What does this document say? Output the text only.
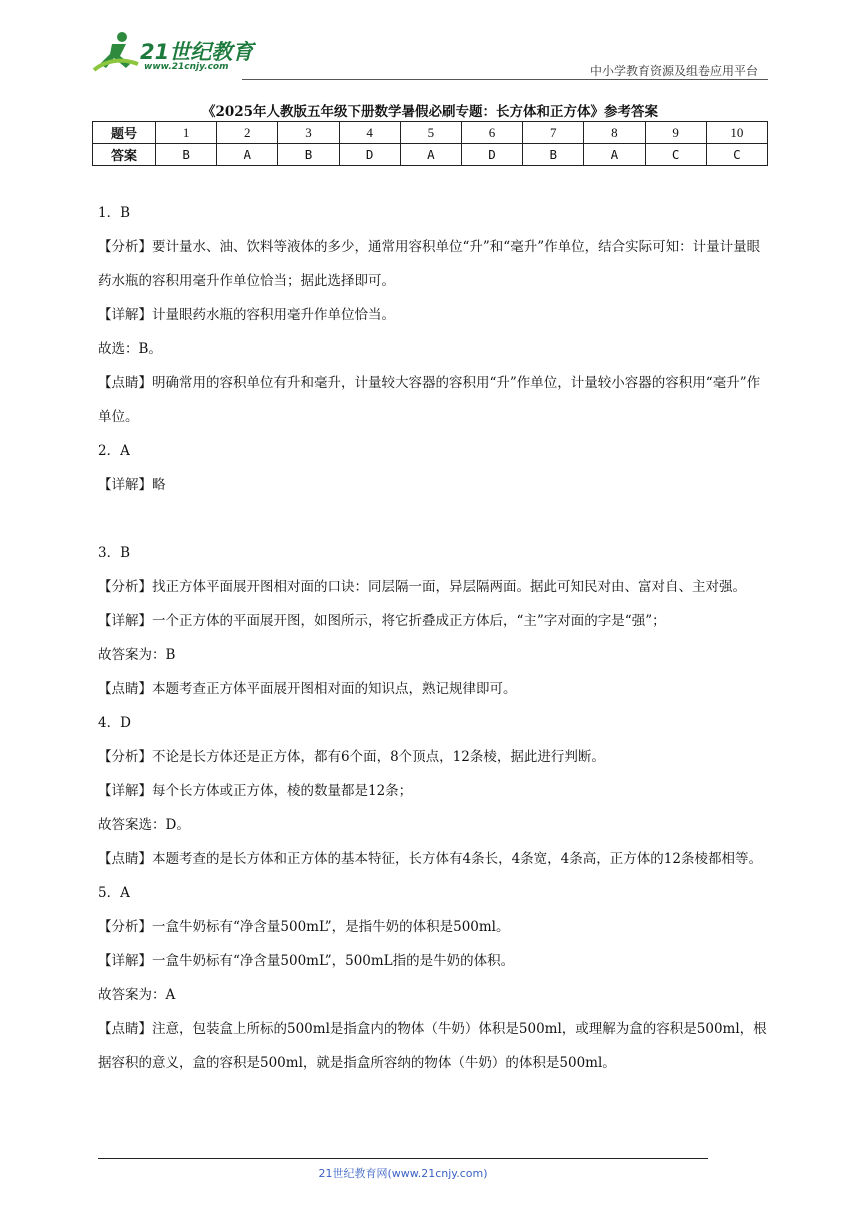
21世纪教育
www.21cnjy.com	中小学教育资源及组卷应用平台
《2025年人教版五年级下册数学暑假必刷专题：长方体和正方体》参考答案
题号	1	2	3	4	5	6	7	8	9	10
答案	B	A	B	D	A	D	B	A	C	C

1．B

【分析】要计量水、油、饮料等液体的多少，通常用容积单位“升”和“毫升”作单位，结合实际可知：计量计量眼药水瓶的容积用毫升作单位恰当；据此选择即可。

【详解】计量眼药水瓶的容积用毫升作单位恰当。

故选：B。

【点睛】明确常用的容积单位有升和毫升，计量较大容器的容积用“升”作单位，计量较小容器的容积用“毫升”作单位。

2．A

【详解】略

3．B

【分析】找正方体平面展开图相对面的口诀：同层隔一面，异层隔两面。据此可知民对由、富对自、主对强。

【详解】一个正方体的平面展开图，如图所示，将它折叠成正方体后，“主”字对面的字是“强”；

故答案为：B

【点睛】本题考查正方体平面展开图相对面的知识点，熟记规律即可。

4．D

【分析】不论是长方体还是正方体，都有6个面，8个顶点，12条棱，据此进行判断。

【详解】每个长方体或正方体，棱的数量都是12条；

故答案选：D。

【点睛】本题考查的是长方体和正方体的基本特征，长方体有4条长，4条宽，4条高，正方体的12条棱都相等。

5．A

【分析】一盒牛奶标有“净含量500mL”，是指牛奶的体积是500ml。

【详解】一盒牛奶标有“净含量500mL”，500mL指的是牛奶的体积。

故答案为：A

【点睛】注意，包装盒上所标的500ml是指盒内的物体（牛奶）体积是500ml，或理解为盒的容积是500ml，根据容积的意义，盒的容积是500ml，就是指盒所容纳的物体（牛奶）的体积是500ml。

21世纪教育网(www.21cnjy.com)
